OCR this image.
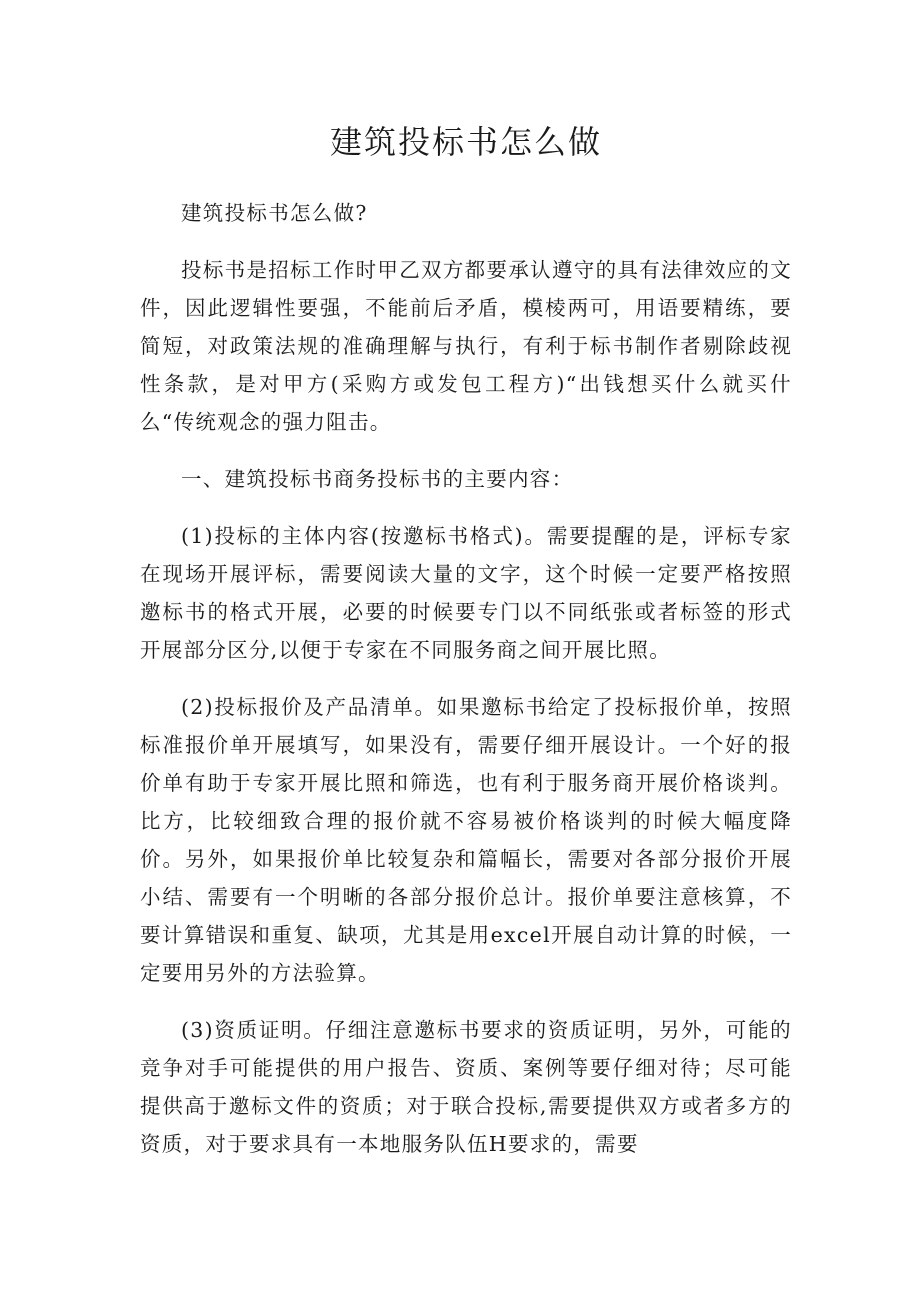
建筑投标书怎么做

建筑投标书怎么做?

投标书是招标工作时甲乙双方都要承认遵守的具有法律效应的文件，因此逻辑性要强，不能前后矛盾，模棱两可，用语要精练，要简短，对政策法规的准确理解与执行，有利于标书制作者剔除歧视性条款，是对甲方(采购方或发包工程方)“出钱想买什么就买什么“传统观念的强力阻击。

一、建筑投标书商务投标书的主要内容：

(1)投标的主体内容(按邀标书格式)。需要提醒的是，评标专家在现场开展评标，需要阅读大量的文字，这个时候一定要严格按照邀标书的格式开展，必要的时候要专门以不同纸张或者标签的形式开展部分区分,以便于专家在不同服务商之间开展比照。

(2)投标报价及产品清单。如果邀标书给定了投标报价单，按照标准报价单开展填写，如果没有，需要仔细开展设计。一个好的报价单有助于专家开展比照和筛选，也有利于服务商开展价格谈判。比方，比较细致合理的报价就不容易被价格谈判的时候大幅度降价。另外，如果报价单比较复杂和篇幅长，需要对各部分报价开展小结、需要有一个明晰的各部分报价总计。报价单要注意核算，不要计算错误和重复、缺项，尤其是用excel开展自动计算的时候，一定要用另外的方法验算。

(3)资质证明。仔细注意邀标书要求的资质证明，另外，可能的竞争对手可能提供的用户报告、资质、案例等要仔细对待；尽可能提供高于邀标文件的资质；对于联合投标,需要提供双方或者多方的资质，对于要求具有一本地服务队伍H要求的，需要
